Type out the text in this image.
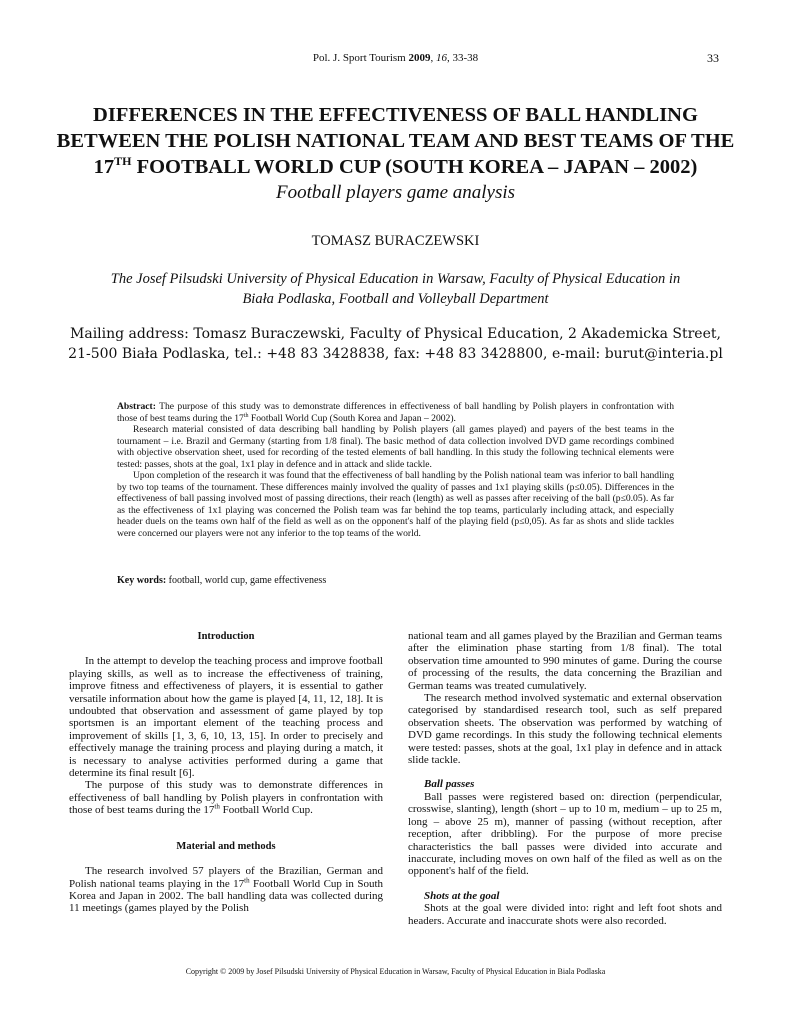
Pol. J. Sport Tourism 2009, 16, 33-38	33
DIFFERENCES IN THE EFFECTIVENESS OF BALL HANDLING
BETWEEN THE POLISH NATIONAL TEAM AND BEST TEAMS OF THE
17TH FOOTBALL WORLD CUP (SOUTH KOREA – JAPAN – 2002)
Football players game analysis
TOMASZ BURACZEWSKI
The Josef Pilsudski University of Physical Education in Warsaw, Faculty of Physical Education in
Biała Podlaska, Football and Volleyball Department
Mailing address: Tomasz Buraczewski, Faculty of Physical Education, 2 Akademicka Street,
21-500 Biała Podlaska, tel.: +48 83 3428838, fax: +48 83 3428800, e-mail: burut@interia.pl

Abstract: The purpose of this study was to demonstrate differences in effectiveness of ball handling by Polish players in confrontation with those of best teams during the 17th Football World Cup (South Korea and Japan – 2002).

Research material consisted of data describing ball handling by Polish players (all games played) and payers of the best teams in the tournament – i.e. Brazil and Germany (starting from 1/8 final). The basic method of data collection involved DVD game recordings combined with objective observation sheet, used for recording of the tested elements of ball handling. In this study the following technical elements were tested: passes, shots at the goal, 1x1 play in defence and in attack and slide tackle.

Upon completion of the research it was found that the effectiveness of ball handling by the Polish national team was inferior to ball handling by two top teams of the tournament. These differences mainly involved the quality of passes and 1x1 playing skills (p≤0.05). Differences in the effectiveness of ball passing involved most of passing directions, their reach (length) as well as passes after receiving of the ball (p≤0.05). As far as the effectiveness of 1x1 playing was concerned the Polish team was far behind the top teams, particularly including attack, and especially header duels on the teams own half of the field as well as on the opponent's half of the playing field (p≤0,05). As far as shots and slide tackles were concerned our players were not any inferior to the top teams of the world.

Key words: football, world cup, game effectiveness
Introduction

In the attempt to develop the teaching process and improve football playing skills, as well as to increase the effectiveness of training, improve fitness and effectiveness of players, it is essential to gather versatile information about how the game is played [4, 11, 12, 18]. It is undoubted that observation and assessment of game played by top sportsmen is an important element of the teaching process and improvement of skills [1, 3, 6, 10, 13, 15]. In order to precisely and effectively manage the training process and playing during a match, it is necessary to analyse activities performed during a game that determine its final result [6].

The purpose of this study was to demonstrate differences in effectiveness of ball handling by Polish players in confrontation with those of best teams during the 17th Football World Cup.

Material and methods

The research involved 57 players of the Brazilian, German and Polish national teams playing in the 17th Football World Cup in South Korea and Japan in 2002. The ball handling data was collected during 11 meetings (games played by the Polish

national team and all games played by the Brazilian and German teams after the elimination phase starting from 1/8 final). The total observation time amounted to 990 minutes of game. During the course of processing of the results, the data concerning the Brazilian and German teams was treated cumulatively.

The research method involved systematic and external observation categorised by standardised research tool, such as self prepared observation sheets. The observation was performed by watching of DVD game recordings. In this study the following technical elements were tested: passes, shots at the goal, 1x1 play in defence and in attack slide tackle.

Ball passes

Ball passes were registered based on: direction (perpendicular, crosswise, slanting), length (short – up to 10 m, medium – up to 25 m, long – above 25 m), manner of passing (without reception, after reception, after dribbling). For the purpose of more precise characteristics the ball passes were divided into accurate and inaccurate, including moves on own half of the filed as well as on the opponent's half of the field.

Shots at the goal

Shots at the goal were divided into: right and left foot shots and headers. Accurate and inaccurate shots were also recorded.

Copyright © 2009 by Josef Pilsudski University of Physical Education in Warsaw, Faculty of Physical Education in Biala Podlaska
